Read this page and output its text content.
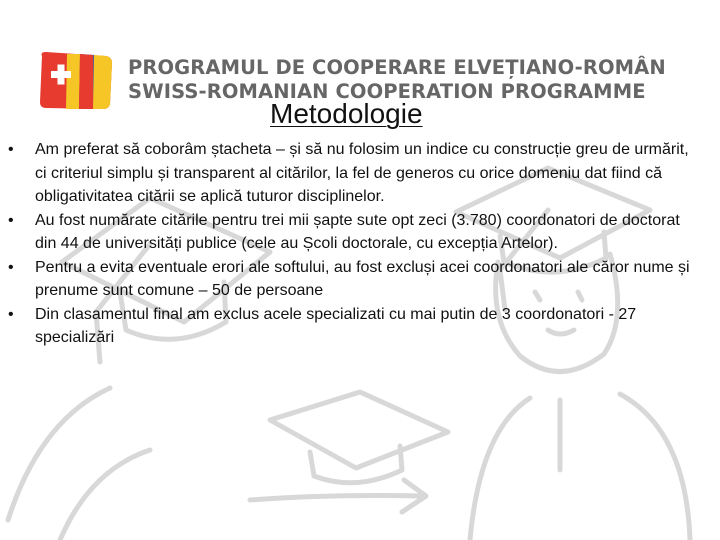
PROGRAMUL DE COOPERARE ELVEȚIANO-ROMÂN
SWISS-ROMANIAN COOPERATION PROGRAMME
Metodologie
• Am preferat să coborâm ștacheta – și să nu folosim un indice cu construcție greu de urmărit, ci criteriul simplu și transparent al citărilor, la fel de generos cu orice domeniu dat fiind că obligativitatea citării se aplică tuturor disciplinelor.
• Au fost numărate citările pentru trei mii șapte sute opt zeci (3.780) coordonatori de doctorat din 44 de universități publice (cele au Școli doctorale, cu excepția Artelor).
• Pentru a evita eventuale erori ale softului, au fost excluși acei coordonatori ale căror nume și prenume sunt comune – 50 de persoane
• Din clasamentul final am exclus acele specializati cu mai putin de 3 coordonatori - 27 specializări
